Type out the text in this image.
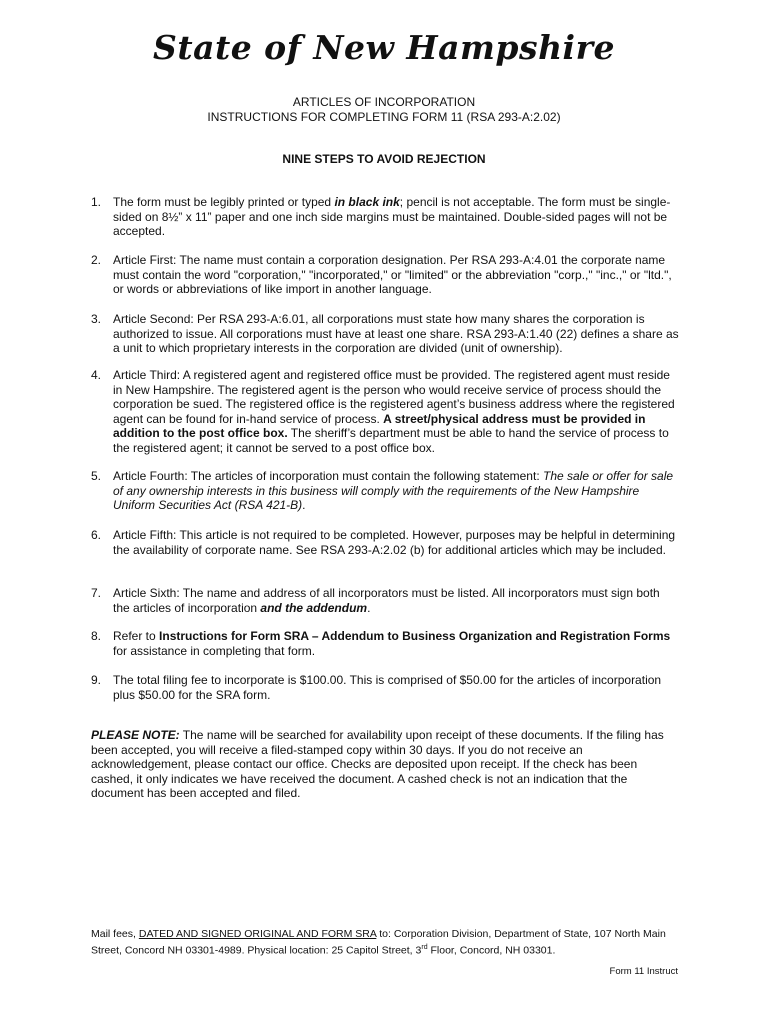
State of New Hampshire
ARTICLES OF INCORPORATION
INSTRUCTIONS FOR COMPLETING FORM 11 (RSA 293-A:2.02)
NINE STEPS TO AVOID REJECTION
1. The form must be legibly printed or typed in black ink; pencil is not acceptable. The form must be single-sided on 8½” x 11” paper and one inch side margins must be maintained. Double-sided pages will not be accepted.
2. Article First: The name must contain a corporation designation. Per RSA 293-A:4.01 the corporate name must contain the word "corporation," "incorporated," or "limited" or the abbreviation "corp.," "inc.," or "ltd.", or words or abbreviations of like import in another language.
3. Article Second: Per RSA 293-A:6.01, all corporations must state how many shares the corporation is authorized to issue. All corporations must have at least one share. RSA 293-A:1.40 (22) defines a share as a unit to which proprietary interests in the corporation are divided (unit of ownership).
4. Article Third: A registered agent and registered office must be provided. The registered agent must reside in New Hampshire. The registered agent is the person who would receive service of process should the corporation be sued. The registered office is the registered agent’s business address where the registered agent can be found for in-hand service of process. A street/physical address must be provided in addition to the post office box. The sheriff’s department must be able to hand the service of process to the registered agent; it cannot be served to a post office box.
5. Article Fourth: The articles of incorporation must contain the following statement: The sale or offer for sale of any ownership interests in this business will comply with the requirements of the New Hampshire Uniform Securities Act (RSA 421-B).
6. Article Fifth: This article is not required to be completed. However, purposes may be helpful in determining the availability of corporate name. See RSA 293-A:2.02 (b) for additional articles which may be included.
7. Article Sixth: The name and address of all incorporators must be listed. All incorporators must sign both the articles of incorporation and the addendum.
8. Refer to Instructions for Form SRA – Addendum to Business Organization and Registration Forms for assistance in completing that form.
9. The total filing fee to incorporate is $100.00. This is comprised of $50.00 for the articles of incorporation plus $50.00 for the SRA form.
PLEASE NOTE: The name will be searched for availability upon receipt of these documents. If the filing has been accepted, you will receive a filed-stamped copy within 30 days. If you do not receive an acknowledgement, please contact our office. Checks are deposited upon receipt. If the check has been cashed, it only indicates we have received the document. A cashed check is not an indication that the document has been accepted and filed.
Mail fees, DATED AND SIGNED ORIGINAL AND FORM SRA to: Corporation Division, Department of State, 107 North Main Street, Concord NH 03301-4989. Physical location: 25 Capitol Street, 3rd Floor, Concord, NH 03301.
Form 11 Instruct
